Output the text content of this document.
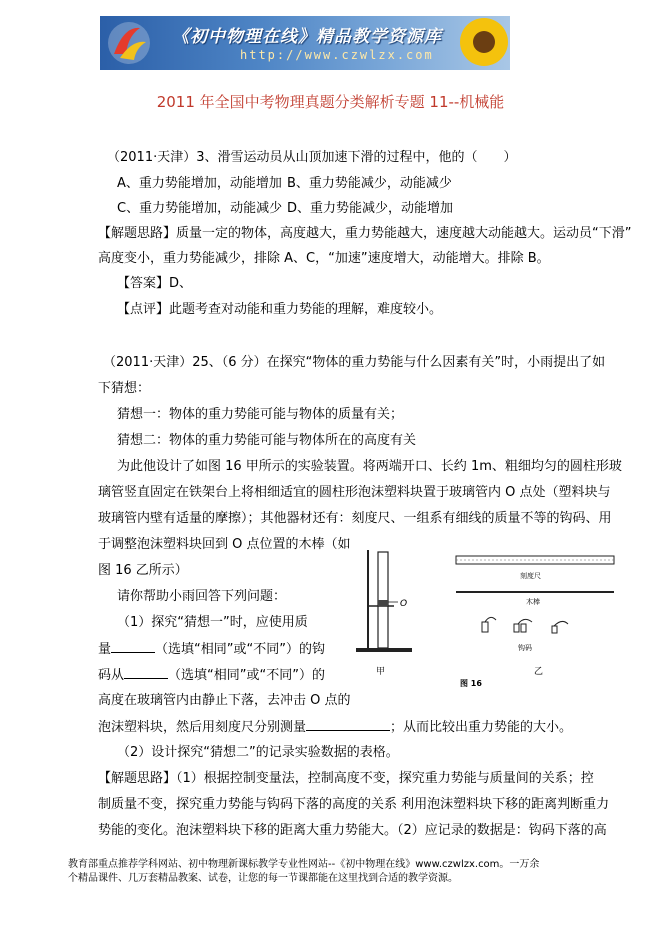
《初中物理在线》精品教学资源库
http://www.czwlzx.com
2011 年全国中考物理真题分类解析专题 11--机械能
（2011·天津）3、滑雪运动员从山顶加速下滑的过程中，他的（　　）
A、重力势能增加，动能增加 B、重力势能减少，动能减少
C、重力势能增加，动能减少 D、重力势能减少，动能增加
【解题思路】质量一定的物体，高度越大，重力势能越大，速度越大动能越大。运动员“下滑”
高度变小，重力势能减少，排除 A、C，“加速”速度增大，动能增大。排除 B。
【答案】D、
【点评】此题考查对动能和重力势能的理解，难度较小。
（2011·天津）25、（6 分）在探究“物体的重力势能与什么因素有关”时，小雨提出了如
下猜想：
猜想一：物体的重力势能可能与物体的质量有关；
猜想二：物体的重力势能可能与物体所在的高度有关
为此他设计了如图 16 甲所示的实验装置。将两端开口、长约 1m、粗细均匀的圆柱形玻
璃管竖直固定在铁架台上将相细适宜的圆柱形泡沫塑料块置于玻璃管内 O 点处（塑料块与
玻璃管内壁有适量的摩擦）；其他器材还有：刻度尺、一组系有细线的质量不等的钩码、用
于调整泡沫塑料块回到 O 点位置的木棒（如
图 16 乙所示）
请你帮助小雨回答下列问题：
（1）探究“猜想一”时，应使用质
量	（选填“相同”或“不同”）的钩
码从	（选填“相同”或“不同”）的
高度在玻璃管内由静止下落，去冲击 O 点的
泡沫塑料块，然后用刻度尺分别测量	；从而比较出重力势能的大小。
（2）设计探究“猜想二”的记录实验数据的表格。
【解题思路】（1）根据控制变量法，控制高度不变，探究重力势能与质量间的关系；控
制质量不变，探究重力势能与钩码下落的高度的关系 利用泡沫塑料块下移的距离判断重力
势能的变化。泡沫塑料块下移的距离大重力势能大。（2）应记录的数据是：钩码下落的高
O
甲
刻度尺
木棒
钩码
乙
图 16
教育部重点推荐学科网站、初中物理新课标教学专业性网站--《初中物理在线》www.czwlzx.com。一万余
个精品课件、几万套精品教案、试卷，让您的每一节课都能在这里找到合适的教学资源。
